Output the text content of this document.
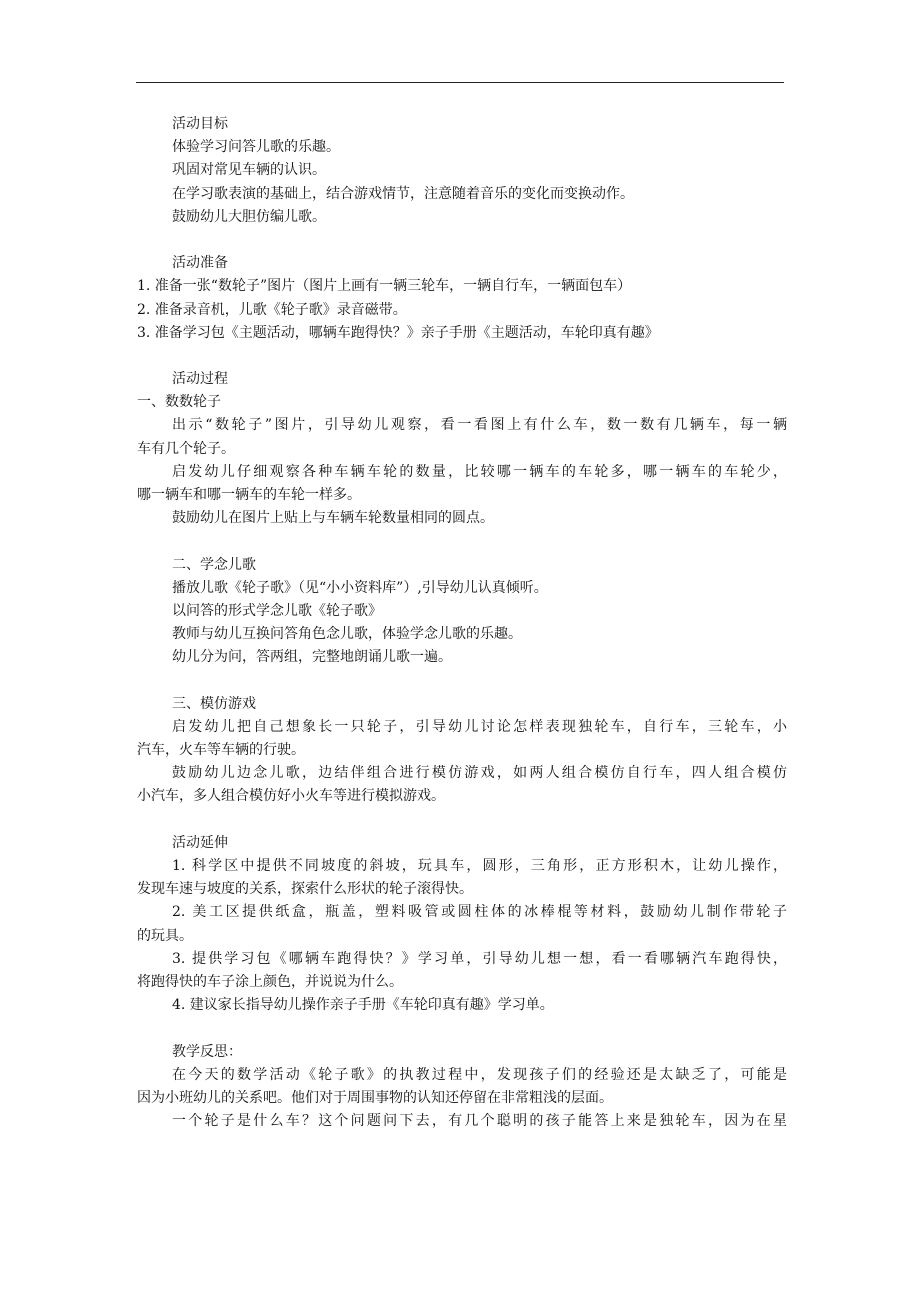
活动目标
体验学习问答儿歌的乐趣。
巩固对常见车辆的认识。
在学习歌表演的基础上，结合游戏情节，注意随着音乐的变化而变换动作。
鼓励幼儿大胆仿编儿歌。
活动准备
1. 准备一张“数轮子”图片（图片上画有一辆三轮车，一辆自行车，一辆面包车）
2. 准备录音机，儿歌《轮子歌》录音磁带。
3. 准备学习包《主题活动，哪辆车跑得快？》亲子手册《主题活动，车轮印真有趣》
活动过程
一、数数轮子
出示“数轮子”图片，引导幼儿观察，看一看图上有什么车，数一数有几辆车，每一辆
车有几个轮子。
启发幼儿仔细观察各种车辆车轮的数量，比较哪一辆车的车轮多，哪一辆车的车轮少，
哪一辆车和哪一辆车的车轮一样多。
鼓励幼儿在图片上贴上与车辆车轮数量相同的圆点。
二、学念儿歌
播放儿歌《轮子歌》（见“小小资料库”）,引导幼儿认真倾听。
以问答的形式学念儿歌《轮子歌》
教师与幼儿互换问答角色念儿歌，体验学念儿歌的乐趣。
幼儿分为问，答两组，完整地朗诵儿歌一遍。
三、模仿游戏
启发幼儿把自己想象长一只轮子，引导幼儿讨论怎样表现独轮车，自行车，三轮车，小
汽车，火车等车辆的行驶。
鼓励幼儿边念儿歌，边结伴组合进行模仿游戏，如两人组合模仿自行车，四人组合模仿
小汽车，多人组合模仿好小火车等进行模拟游戏。
活动延伸
1. 科学区中提供不同坡度的斜坡，玩具车，圆形，三角形，正方形积木，让幼儿操作，
发现车速与坡度的关系，探索什么形状的轮子滚得快。
2. 美工区提供纸盒，瓶盖，塑料吸管或圆柱体的冰棒棍等材料，鼓励幼儿制作带轮子
的玩具。
3. 提供学习包《哪辆车跑得快？》学习单，引导幼儿想一想，看一看哪辆汽车跑得快，
将跑得快的车子涂上颜色，并说说为什么。
4. 建议家长指导幼儿操作亲子手册《车轮印真有趣》学习单。
教学反思：
在今天的数学活动《轮子歌》的执教过程中，发现孩子们的经验还是太缺乏了，可能是
因为小班幼儿的关系吧。他们对于周围事物的认知还停留在非常粗浅的层面。
一个轮子是什么车？这个问题问下去，有几个聪明的孩子能答上来是独轮车，因为在星
